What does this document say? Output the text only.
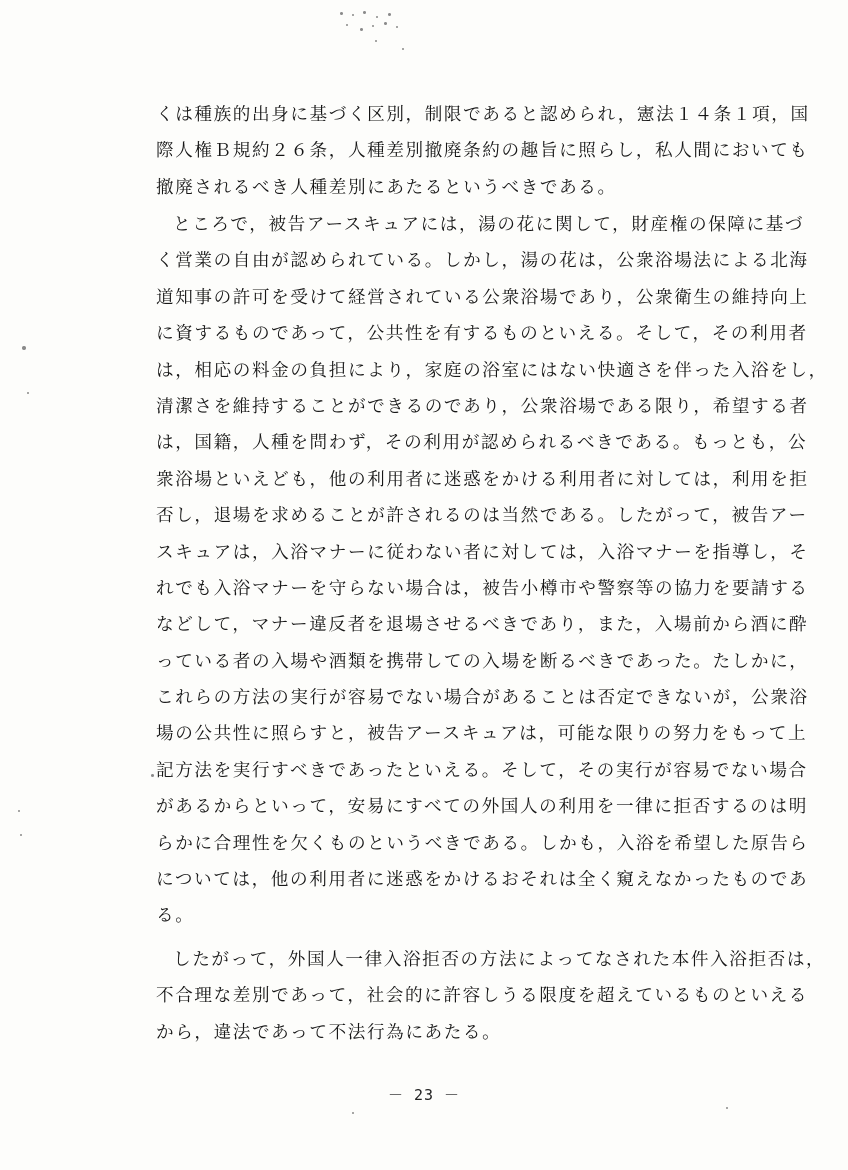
くは種族的出身に基づく区別，制限であると認められ，憲法１４条１項，国
際人権Ｂ規約２６条，人種差別撤廃条約の趣旨に照らし，私人間においても
撤廃されるべき人種差別にあたるというべきである。
ところで，被告アースキュアには，湯の花に関して，財産権の保障に基づ
く営業の自由が認められている。しかし，湯の花は，公衆浴場法による北海
道知事の許可を受けて経営されている公衆浴場であり，公衆衛生の維持向上
に資するものであって，公共性を有するものといえる。そして，その利用者
は，相応の料金の負担により，家庭の浴室にはない快適さを伴った入浴をし，
清潔さを維持することができるのであり，公衆浴場である限り，希望する者
は，国籍，人種を問わず，その利用が認められるべきである。もっとも，公
衆浴場といえども，他の利用者に迷惑をかける利用者に対しては，利用を拒
否し，退場を求めることが許されるのは当然である。したがって，被告アー
スキュアは，入浴マナーに従わない者に対しては，入浴マナーを指導し，そ
れでも入浴マナーを守らない場合は，被告小樽市や警察等の協力を要請する
などして，マナー違反者を退場させるべきであり，また，入場前から酒に酔
っている者の入場や酒類を携帯しての入場を断るべきであった。たしかに，
これらの方法の実行が容易でない場合があることは否定できないが，公衆浴
場の公共性に照らすと，被告アースキュアは，可能な限りの努力をもって上
記方法を実行すべきであったといえる。そして，その実行が容易でない場合
があるからといって，安易にすべての外国人の利用を一律に拒否するのは明
らかに合理性を欠くものというべきである。しかも，入浴を希望した原告ら
については，他の利用者に迷惑をかけるおそれは全く窺えなかったものであ
る。
したがって，外国人一律入浴拒否の方法によってなされた本件入浴拒否は，
不合理な差別であって，社会的に許容しうる限度を超えているものといえる
から，違法であって不法行為にあたる。
－ 23 －
